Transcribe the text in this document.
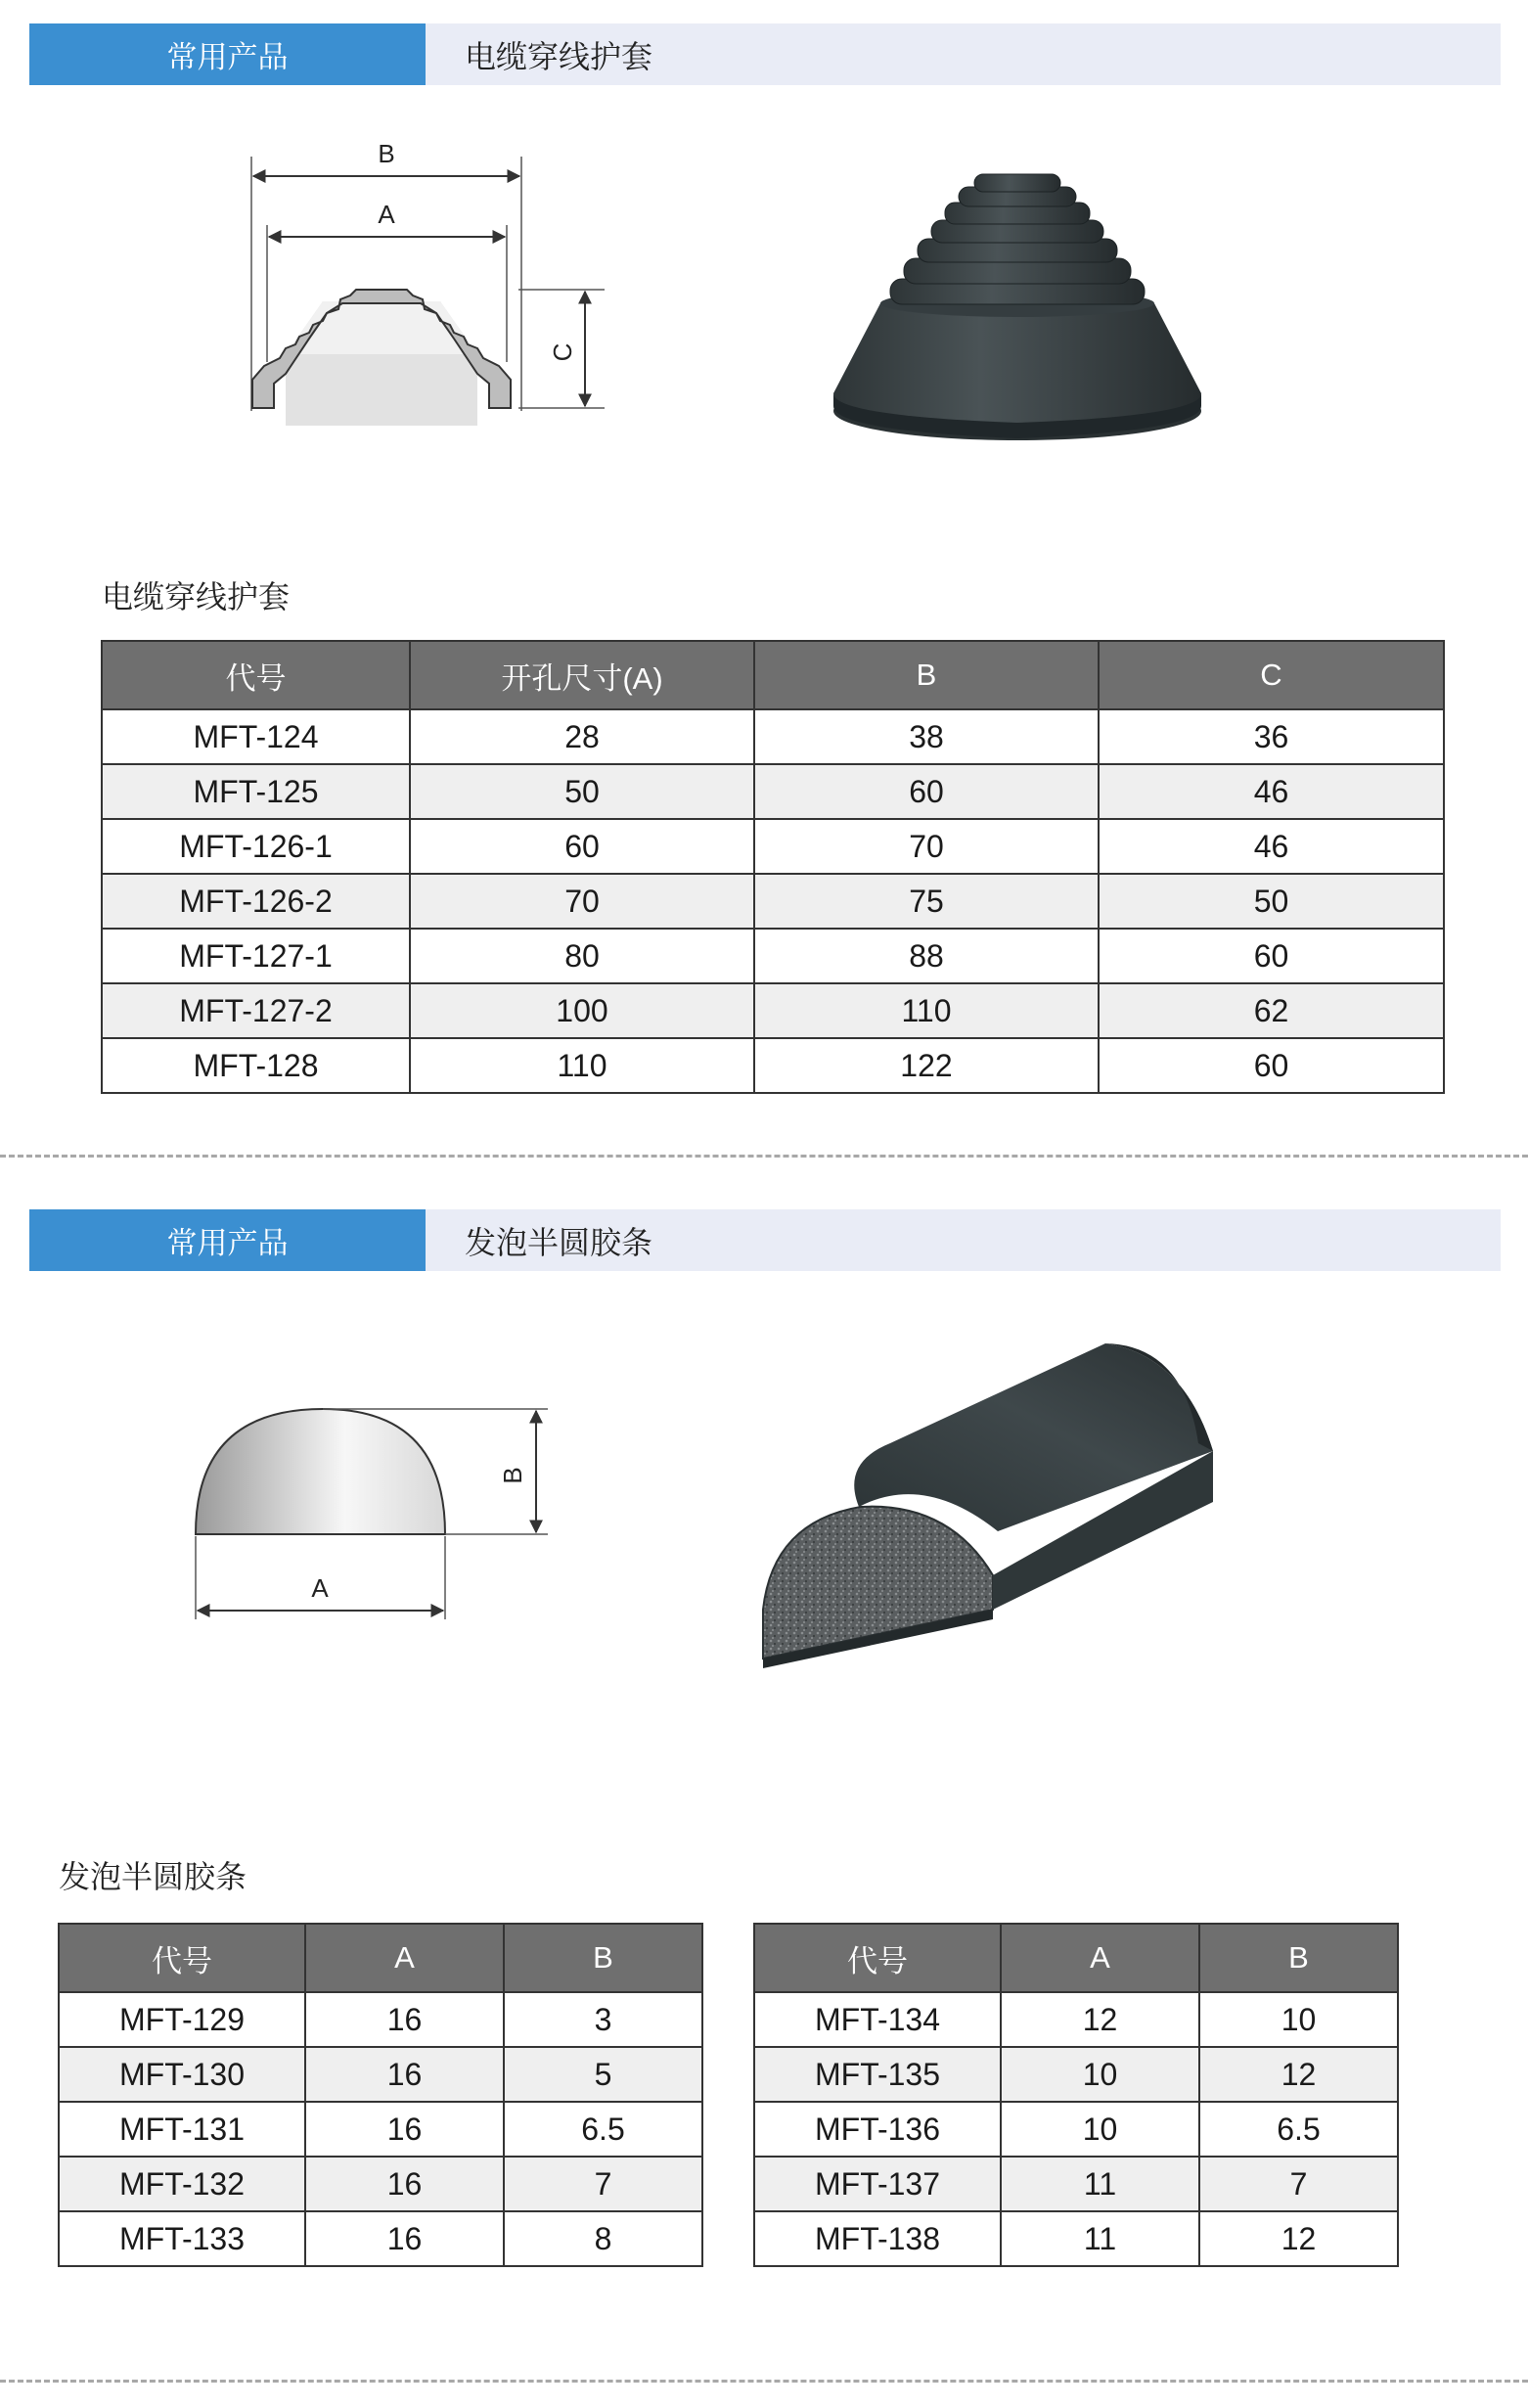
常用产品	电缆穿线护套
B
A
C
电缆穿线护套
代号	开孔尺寸(A)	B	C
MFT-124	28	38	36
MFT-125	50	60	46
MFT-126-1	60	70	46
MFT-126-2	70	75	50
MFT-127-1	80	88	60
MFT-127-2	100	110	62
MFT-128	110	122	60
常用产品	发泡半圆胶条
B
A
发泡半圆胶条
代号	A	B
MFT-129	16	3
MFT-130	16	5
MFT-131	16	6.5
MFT-132	16	7
MFT-133	16	8
代号	A	B
MFT-134	12	10
MFT-135	10	12
MFT-136	10	6.5
MFT-137	11	7
MFT-138	11	12
